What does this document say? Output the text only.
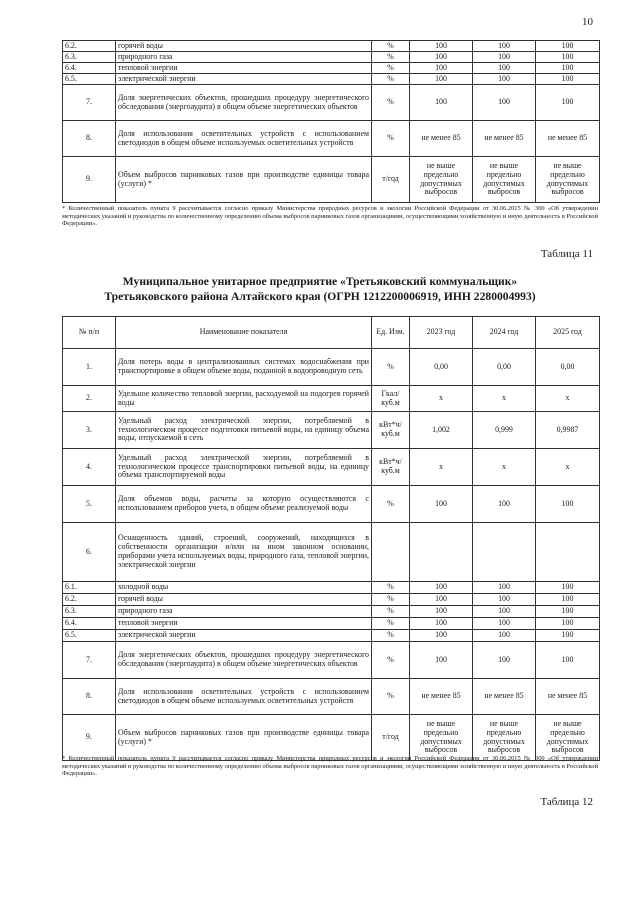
10
6.2.	горячей воды	%	100	100	100
6.3.	природного газа	%	100	100	100
6.4.	тепловой энергии	%	100	100	100
6.5.	электрической энергии	%	100	100	100
7.	Доля энергетических объектов, прошедших процедуру энергетического обследования (энергоаудита) в общем объеме энергетических объектов	%	100	100	100
8.	Доля использования осветительных устройств с использованием светодиодов в общем объеме используемых осветительных устройств	%	не менее 85	не менее 85	не менее 85
9.	Объем выбросов парниковых газов при производстве единицы товара (услуги) *	т/год	не выше предельно допустимых выбросов	не выше предельно допустимых выбросов	не выше предельно допустимых выбросов
* Количественный показатель пункта 9 рассчитывается согласно приказу Министерства природных ресурсов и экологии Российской Федерации от 30.06.2015 № 300 «Об утверждении методических указаний и руководства по количественному определению объема выбросов парниковых газов организациями, осуществляющими хозяйственную и иную деятельность в Российской Федерации».
Таблица 11
Муниципальное унитарное предприятие «Третьяковский коммунальщик»
Третьяковского района Алтайского края (ОГРН 1212200006919, ИНН 2280004993)
№ п/п	Наименование показателя	Ед. Изм.	2023 год	2024 год	2025 год
1.	Доля потерь воды в централизованных системах водоснабжения при транспортировке в общем объеме воды, поданной в водопроводную сеть	%	0,00	0,00	0,00
2.	Удельное количество тепловой энергии, расходуемой на подогрев горячей воды	Гкал/ куб.м	x	x	x
3.	Удельный расход электрической энергии, потребляемой в технологическом процессе подготовки питьевой воды, на единицу объема воды, отпускаемой в сеть	кВт*ч/ куб.м	1,002	0,999	0,9987
4.	Удельный расход электрической энергии, потребляемой в технологическом процессе транспортировки питьевой воды, на единицу объема транспортируемой воды	кВт*ч/ куб.м	x	x	x
5.	Доля объемов воды, расчеты за которую осуществляются с использованием приборов учета, в общем объеме реализуемой воды	%	100	100	100
6.	Оснащенность зданий, строений, сооружений, находящихся в собственности организации и/или на ином законном основании, приборами учета используемых воды, природного газа, тепловой энергии, электрической энергии				
6.1.	холодной воды	%	100	100	100
6.2.	горячей воды	%	100	100	100
6.3.	природного газа	%	100	100	100
6.4.	тепловой энергии	%	100	100	100
6.5.	электрической энергии	%	100	100	100
7.	Доля энергетических объектов, прошедших процедуру энергетического обследования (энергоаудита) в общем объеме энергетических объектов	%	100	100	100
8.	Доля использования осветительных устройств с использованием светодиодов в общем объеме используемых осветительных устройств	%	не менее 85	не менее 85	не менее 85
9.	Объем выбросов парниковых газов при производстве единицы товара (услуги) *	т/год	не выше предельно допустимых выбросов	не выше предельно допустимых выбросов	не выше предельно допустимых выбросов
* Количественный показатель пункта 9 рассчитывается согласно приказу Министерства природных ресурсов и экологии Российской Федерации от 30.06.2015 № 300 «Об утверждении методических указаний и руководства по количественному определению объема выбросов парниковых газов организациями, осуществляющими хозяйственную и иную деятельность в Российской Федерации».
Таблица 12
